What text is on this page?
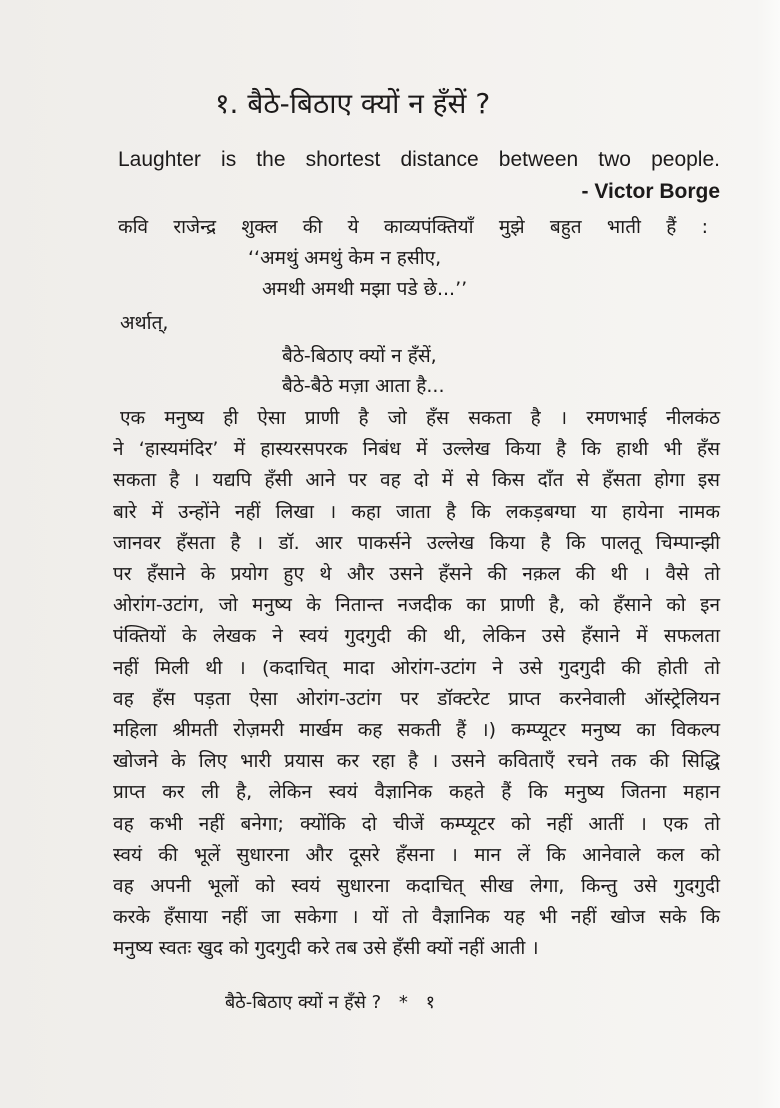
१. बैठे-बिठाए क्यों न हँसें ?
Laughter is the shortest distance between two people.
- Victor Borge
कवि राजेन्द्र शुक्ल की ये काव्यपंक्तियाँ मुझे बहुत भाती हैं :
‘‘अमथुं अमथुं केम न हसीए,
अमथी अमथी मझा पडे छे...’’
अर्थात्,
बैठे-बिठाए क्यों न हँसें,
बैठे-बैठे मज़ा आता है...
एक मनुष्य ही ऐसा प्राणी है जो हँस सकता है । रमणभाई नीलकंठ
ने ‘हास्यमंदिर’ में हास्यरसपरक निबंध में उल्लेख किया है कि हाथी भी हँस
सकता है । यद्यपि हँसी आने पर वह दो में से किस दाँत से हँसता होगा इस
बारे में उन्होंने नहीं लिखा । कहा जाता है कि लकड़बग्घा या हायेना नामक
जानवर हँसता है । डॉ. आर पाकर्सने उल्लेख किया है कि पालतू चिम्पान्झी
पर हँसाने के प्रयोग हुए थे और उसने हँसने की नक़ल की थी । वैसे तो
ओरांग-उटांग, जो मनुष्य के नितान्त नजदीक का प्राणी है, को हँसाने को इन
पंक्तियों के लेखक ने स्वयं गुदगुदी की थी, लेकिन उसे हँसाने में सफलता
नहीं मिली थी । (कदाचित् मादा ओरांग-उटांग ने उसे गुदगुदी की होती तो
वह हँस पड़ता ऐसा ओरांग-उटांग पर डॉक्टरेट प्राप्त करनेवाली ऑस्ट्रेलियन
महिला श्रीमती रोज़मरी मार्खम कह सकती हैं ।) कम्प्यूटर मनुष्य का विकल्प
खोजने के लिए भारी प्रयास कर रहा है । उसने कविताएँ रचने तक की सिद्धि
प्राप्त कर ली है, लेकिन स्वयं वैज्ञानिक कहते हैं कि मनुष्य जितना महान
वह कभी नहीं बनेगा; क्योंकि दो चीजें कम्प्यूटर को नहीं आतीं । एक तो
स्वयं की भूलें सुधारना और दूसरे हँसना । मान लें कि आनेवाले कल को
वह अपनी भूलों को स्वयं सुधारना कदाचित् सीख लेगा, किन्तु उसे गुदगुदी
करके हँसाया नहीं जा सकेगा । यों तो वैज्ञानिक यह भी नहीं खोज सके कि
मनुष्य स्वतः खुद को गुदगुदी करे तब उसे हँसी क्यों नहीं आती ।
बैठे-बिठाए क्यों न हँसे ? * १
